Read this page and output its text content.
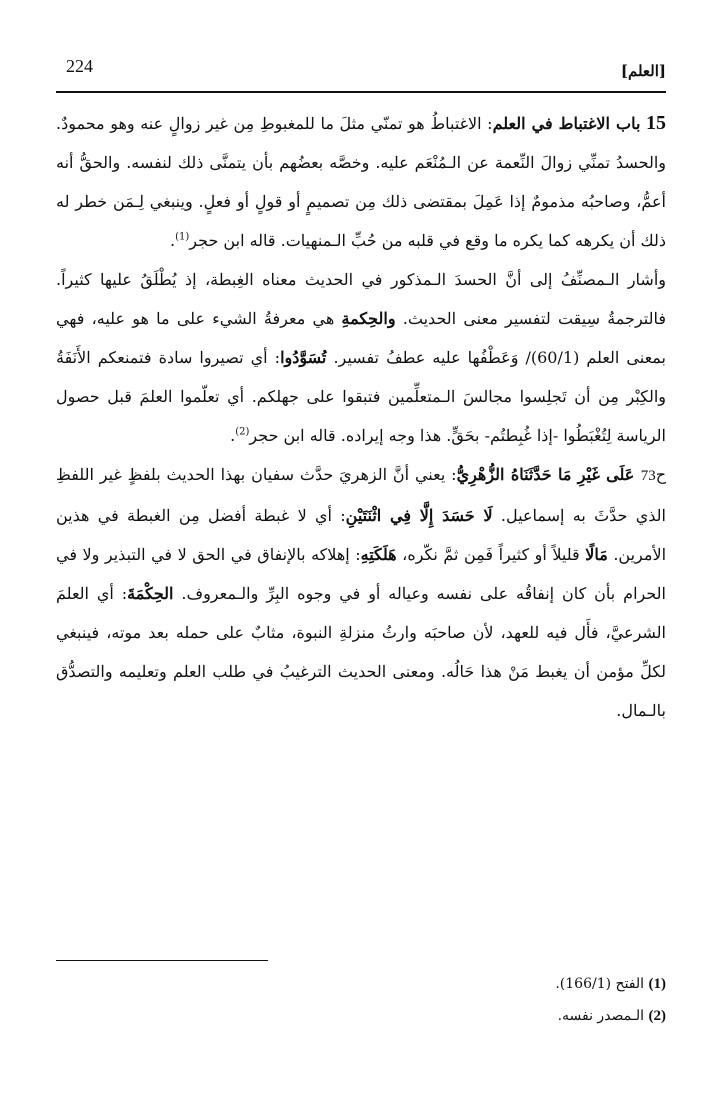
224	[العلم]

15 باب الاغتباط في العلم: الاغتباطُ هو تمنّي مثلَ ما للمغبوطِ مِن غير زوالٍ عنه وهو محمودٌ. والحسدُ تمنِّي زوالَ النِّعمة عن الـمُنْعَم عليه. وخصَّه بعضُهم بأن يتمنَّى ذلك لنفسه. والحقُّ أنه أعمُّ، وصاحبُه مذمومٌ إذا عَمِلَ بمقتضى ذلك مِن تصميمٍ أو قولٍ أو فعلٍ. وينبغي لِـمَن خطر له ذلك أن يكرهه كما يكره ما وقع في قلبه من حُبِّ الـمنهيات. قاله ابن حجر$^{(1)}$.

وأشار الـمصنِّفُ إلى أنَّ الحسدَ الـمذكور في الحديث معناه الغِبطة، إذ يُطْلَقُ عليها كثيراً. فالترجمةُ سِيقت لتفسير معنى الحديث. والحِكمةِ هي معرفةُ الشيء على ما هو عليه، فهي بمعنى العلم (60/1)/ وَعَطْفُها عليه عطفُ تفسير. تُسَوَّدُوا: أي تصيروا سادة فتمنعكم الأَنَفَةُ والكِبْر مِن أن تَجلِسوا مجالسَ الـمتعلِّمين فتبقوا على جهلكم. أي تعلّموا العلمَ قبل حصول الرياسة لِتُغْبَطُوا -إذا غُبِطتُم- بحَقٍّ. هذا وجه إيراده. قاله ابن حجر$^{(2)}$.

ح73 عَلَى غَيْرِ مَا حَدَّثَنَاهُ الزُّهْرِيُّ: يعني أنَّ الزهريَ حدَّث سفيان بهذا الحديث بلفظٍ غير اللفظِ الذي حدَّثَ به إسماعيل. لَا حَسَدَ إِلَّا فِي اثْنَتَيْنِ: أي لا غبطة أفضل مِن الغبطة في هذين الأمرين. مَالًا قليلاً أو كثيراً فَمِن ثمَّ نكّره، هَلَكَتِهِ: إهلاكه بالإنفاق في الحق لا في التبذير ولا في الحرام بأن كان إنفاقُه على نفسه وعياله أو في وجوه البِرِّ والـمعروف. الحِكْمَةَ: أي العلمَ الشرعيَّ، فأَل فيه للعهد، لأن صاحبَه وارثُ منزلةِ النبوة، مثابٌ على حمله بعد موته، فينبغي لكلِّ مؤمن أن يغبط مَنْ هذا حَالُه. ومعنى الحديث الترغيبُ في طلب العلم وتعليمه والتصدُّق بالـمال.

(1) الفتح (166/1).

(2) الـمصدر نفسه.
